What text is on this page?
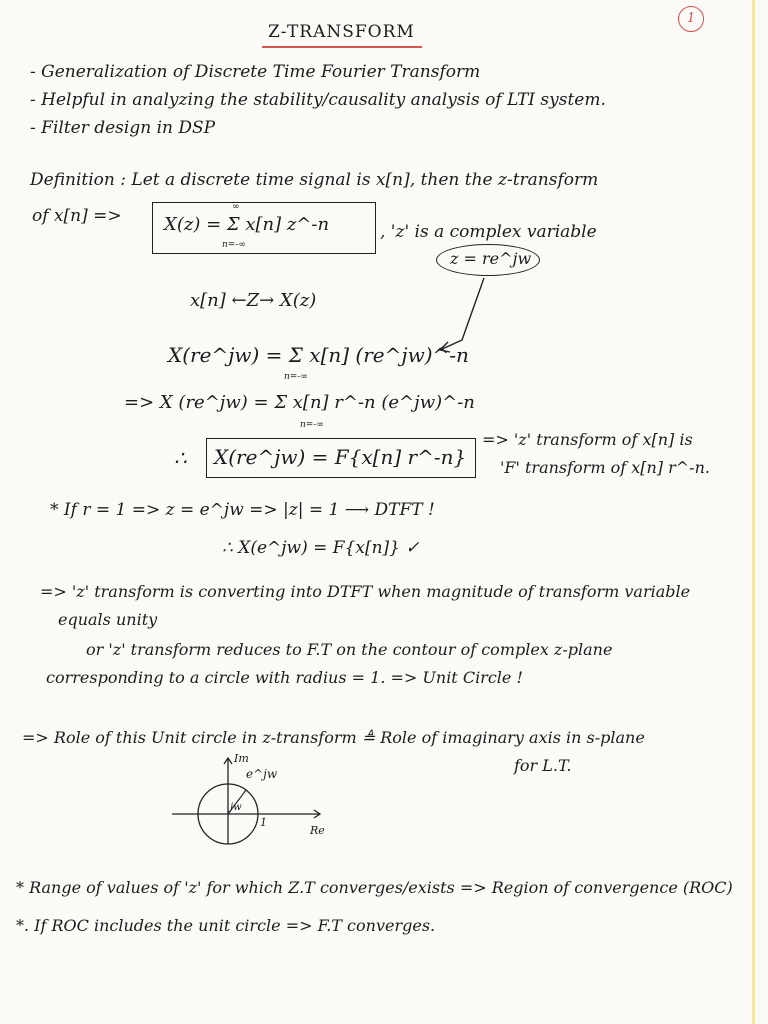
1
Z-TRANSFORM
- Generalization of Discrete Time Fourier Transform
- Helpful in analyzing the stability/causality analysis of LTI system.
- Filter design in DSP
Definition : Let a discrete time signal is x[n], then the z-transform
of x[n] => X(z) = Σ x[n] z^-n
∞
n=-∞
, 'z' is a complex variable
z = re^jw
x[n] ←Z→ X(z)
X(re^jw) = Σ x[n] (re^jw)^-n
n=-∞
=> X (re^jw) = Σ x[n] r^-n (e^jw)^-n
n=-∞
∴ X(re^jw) = F{x[n] r^-n}
=> 'z' transform of x[n] is
'F' transform of x[n] r^-n.
* If r = 1 => z = e^jw => |z| = 1 ⟶ DTFT !
∴ X(e^jw) = F{x[n]} ✓
=> 'z' transform is converting into DTFT when magnitude of transform variable
equals unity
or 'z' transform reduces to F.T on the contour of complex z-plane
corresponding to a circle with radius = 1. => Unit Circle !
=> Role of this Unit circle in z-transform ≜ Role of imaginary axis in s-plane
for L.T.
Im
e^jw
jw
1
Re
* Range of values of 'z' for which Z.T converges/exists => Region of convergence (ROC)
*. If ROC includes the unit circle => F.T converges.
